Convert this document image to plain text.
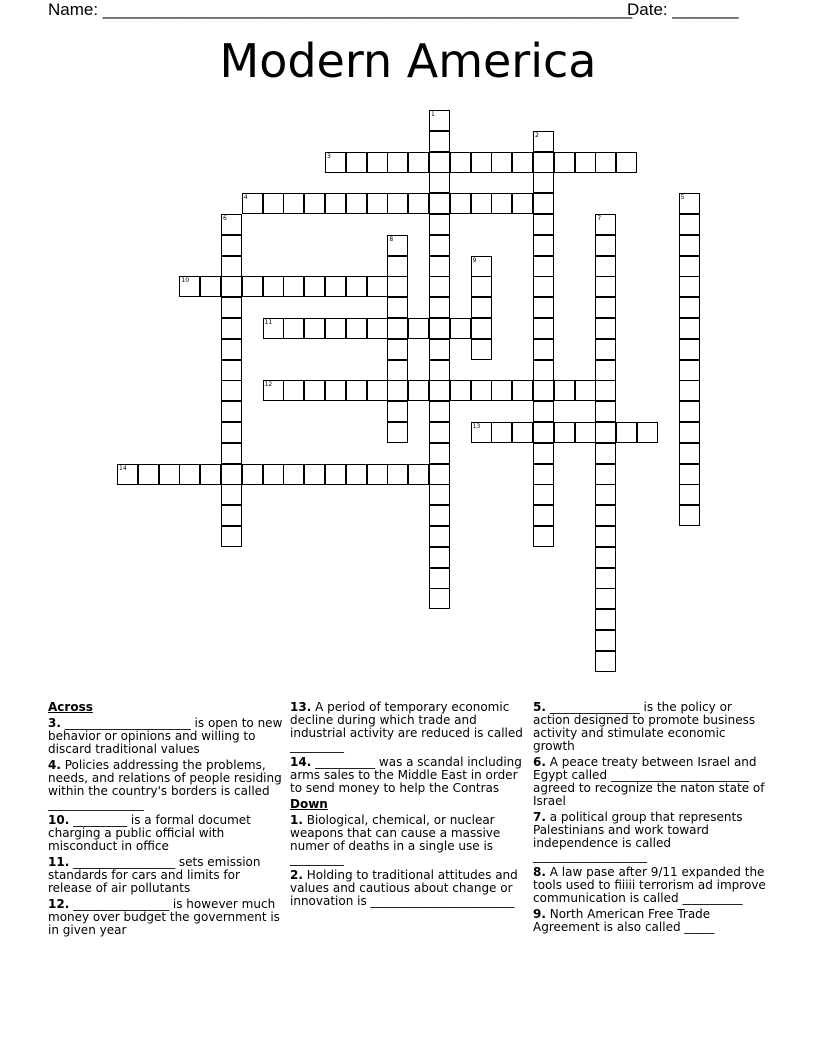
Name: ________________________________________________________
Date: _______
Modern America
1
2
3
4	5
6	7
8
9
10
11
12
13
14
Across
3. _____________________ is open to new behavior or opinions and willing to discard traditional values
4. Policies addressing the problems, needs, and relations of people residing within the country's borders is called ________________
10. _________ is a formal documet charging a public official with misconduct in office
11. _________________ sets emission standards for cars and limits for release of air pollutants
12. ________________ is however much money over budget the government is in given year
13. A period of temporary economic decline during which trade and industrial activity are reduced is called _________
14. __________ was a scandal including arms sales to the Middle East in order to send money to help the Contras
Down
1. Biological, chemical, or nuclear weapons that can cause a massive numer of deaths in a single use is _________
2. Holding to traditional attitudes and values and cautious about change or innovation is ________________________
5. _______________ is the policy or action designed to promote business activity and stimulate economic growth
6. A peace treaty between Israel and Egypt called _______________________ agreed to recognize the naton state of Israel
7. a political group that represents Palestinians and work toward independence is called ___________________
8. A law pase after 9/11 expanded the tools used to fiiiii terrorism ad improve communication is called __________
9. North American Free Trade Agreement is also called _____
